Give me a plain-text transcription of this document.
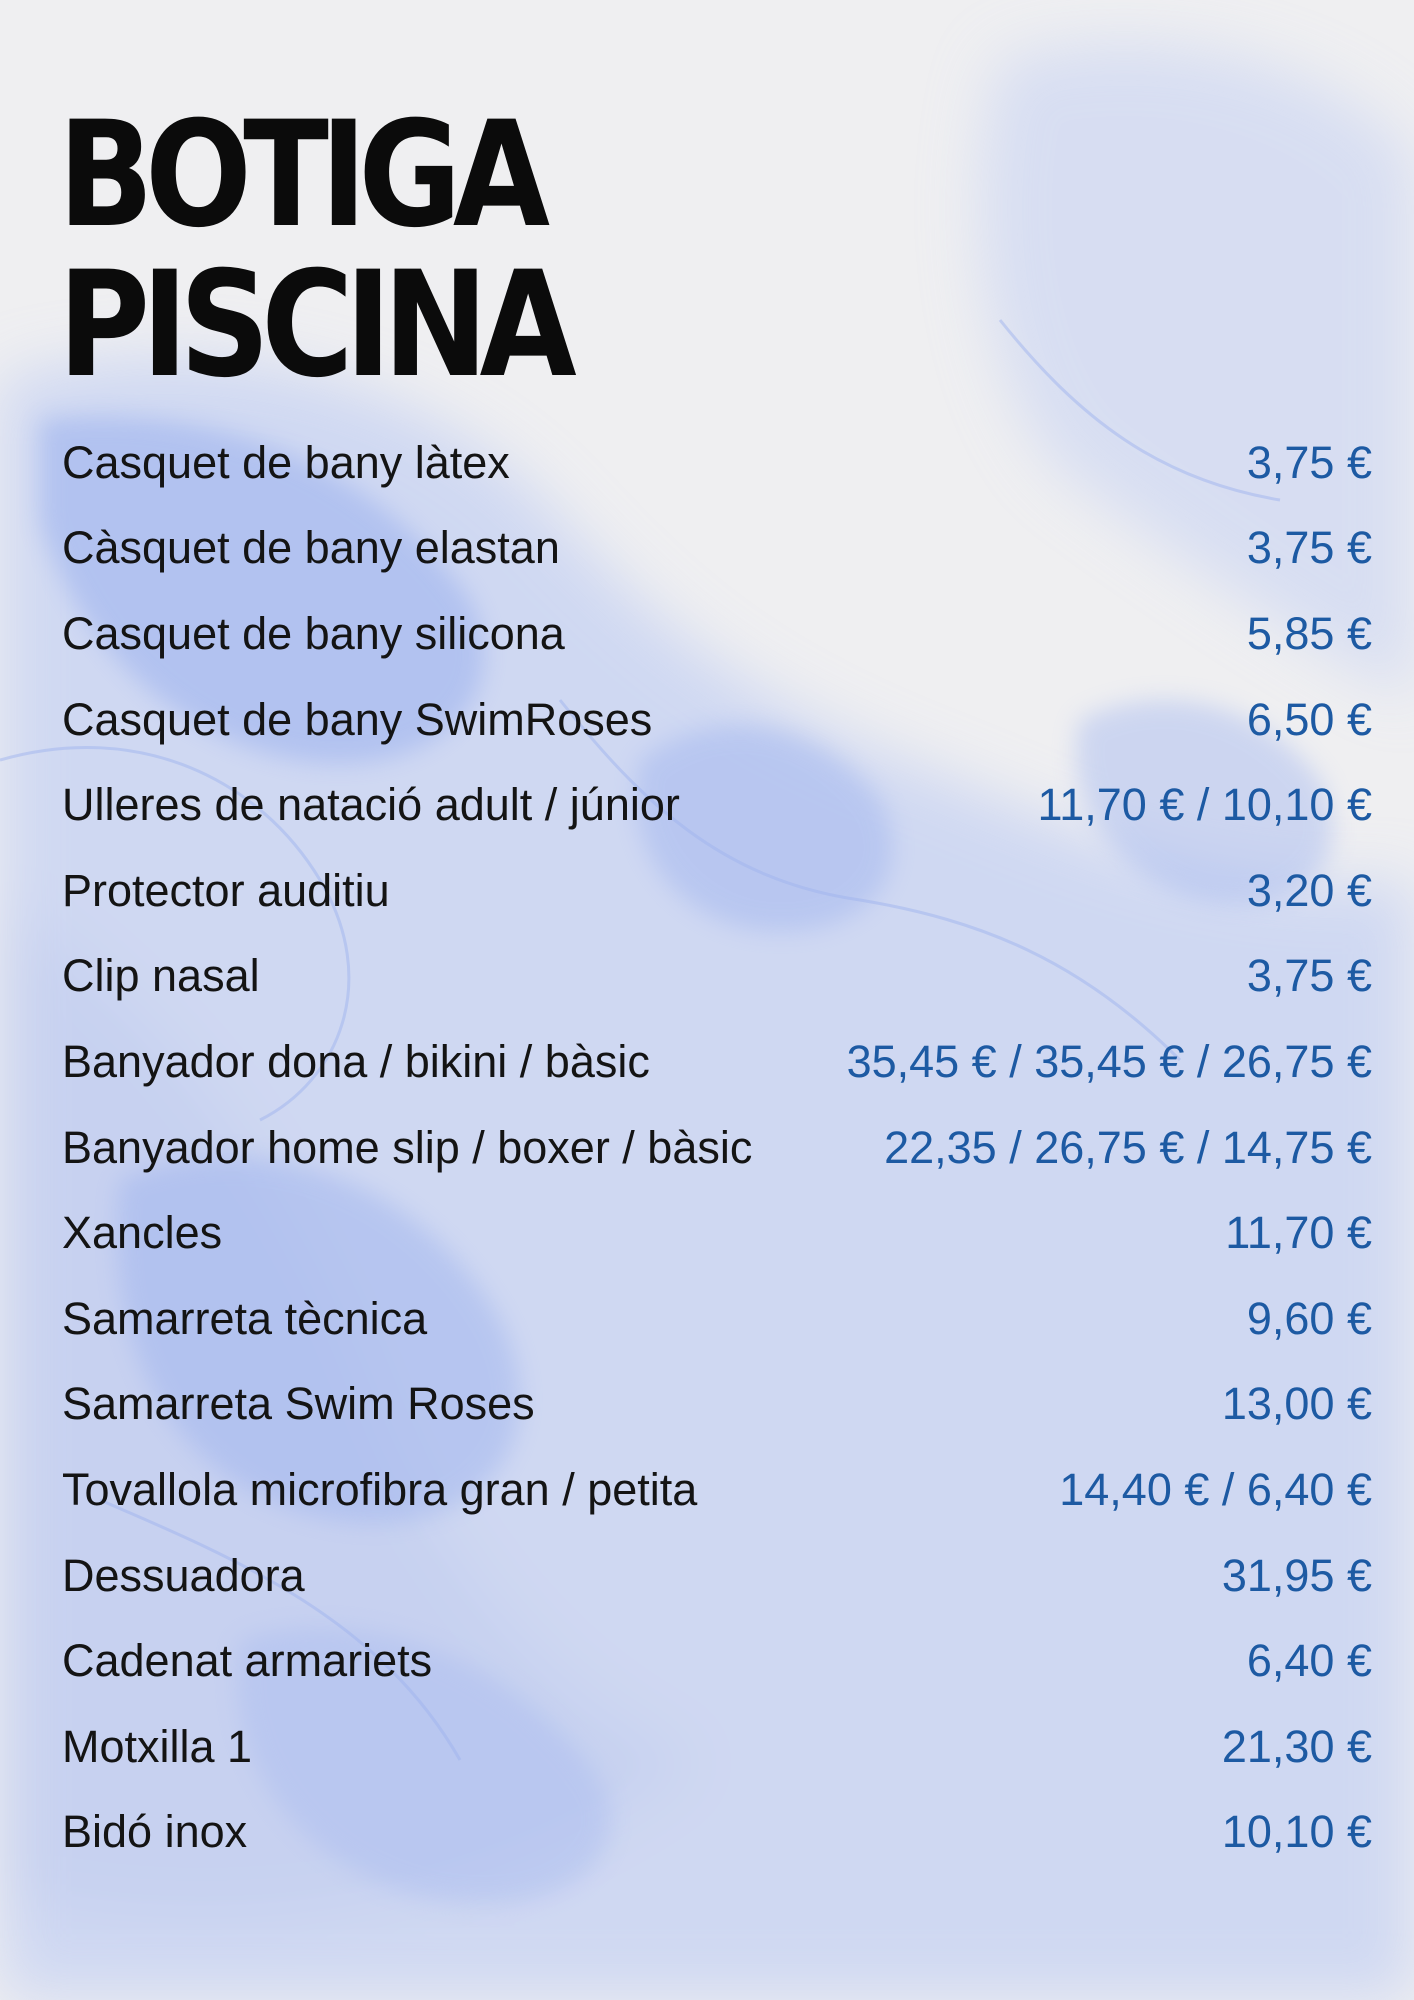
BOTIGA
PISCINA
Casquet de bany làtex	3,75 €
Càsquet de bany elastan	3,75 €
Casquet de bany silicona	5,85 €
Casquet de bany SwimRoses	6,50 €
Ulleres de natació adult / júnior	11,70 € / 10,10 €
Protector auditiu	3,20 €
Clip nasal	3,75 €
Banyador dona / bikini / bàsic	35,45 € / 35,45 € / 26,75 €
Banyador home slip / boxer / bàsic	22,35 / 26,75 € / 14,75 €
Xancles	11,70 €
Samarreta tècnica	9,60 €
Samarreta Swim Roses	13,00 €
Tovallola microfibra gran / petita	14,40 € / 6,40 €
Dessuadora	31,95 €
Cadenat armariets	6,40 €
Motxilla 1	21,30 €
Bidó inox	10,10 €
